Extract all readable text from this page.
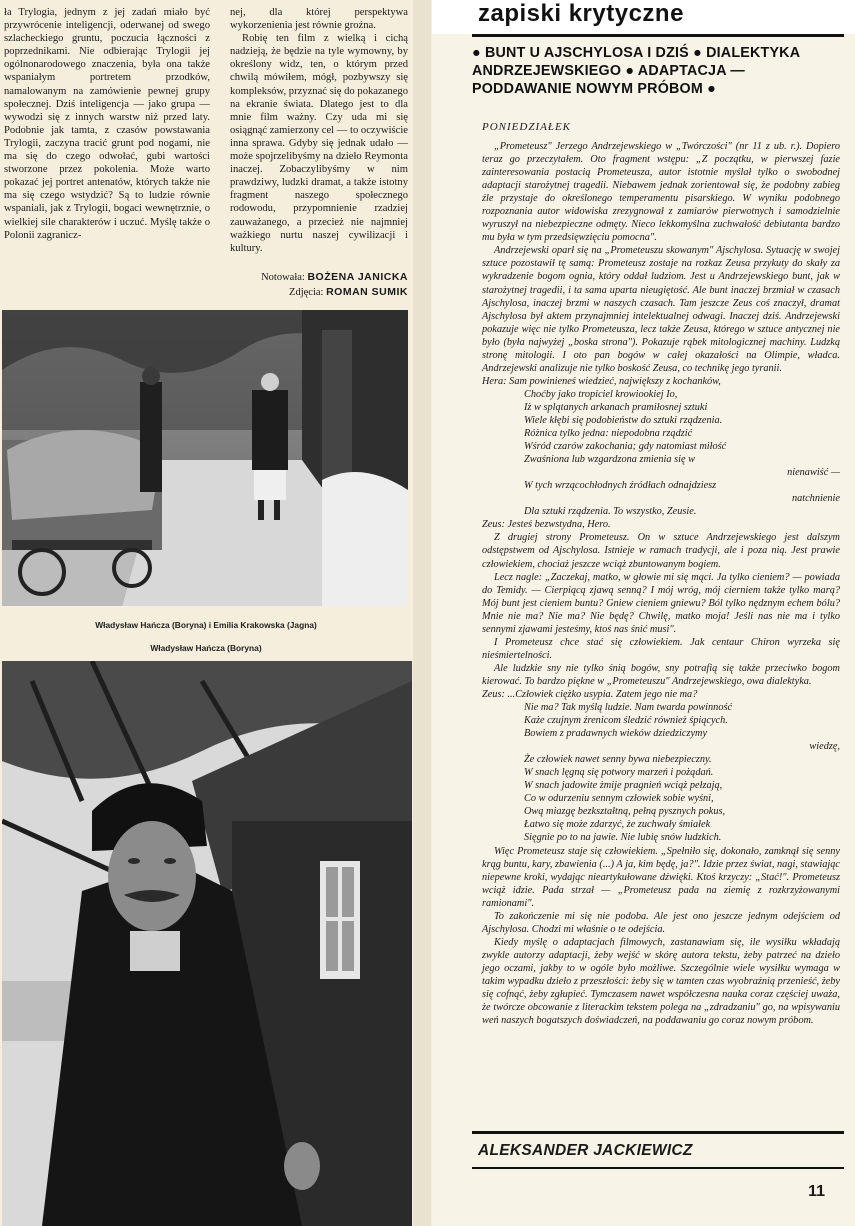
ła Trylogia, jednym z jej zadań miało być przywrócenie inteligencji, oderwanej od swego szlacheckiego gruntu, poczucia łączności z poprzednikami. Nie odbierając Trylogii jej ogólnonarodowego znaczenia, była ona także wspaniałym portretem przodków, namalowanym na zamówienie pewnej grupy społecznej. Dziś inteligencja — jako grupa — wywodzi się z innych warstw niż przed laty. Podobnie jak tamta, z czasów powstawania Trylogii, zaczyna tracić grunt pod nogami, nie ma się do czego odwołać, gubi wartości stworzone przez pokolenia. Może warto pokazać jej portret antenatów, których także nie ma się czego wstydzić? Są to ludzie równie wspaniali, jak z Trylogii, bogaci wewnętrznie, o wielkiej sile charakterów i uczuć. Myślę także o Polonii zagranicz-

nej, dla której perspektywa wykorzenienia jest równie groźna.

Robię ten film z wielką i cichą nadzieją, że będzie na tyle wymowny, by określony widz, ten, o którym przed chwilą mówiłem, mógł, pozbywszy się kompleksów, przyznać się do pokazanego na ekranie świata. Dlatego jest to dla mnie film ważny. Czy uda mi się osiągnąć zamierzony cel — to oczywiście inna sprawa. Gdyby się jednak udało — może spojrzelibyśmy na dzieło Reymonta inaczej. Zobaczylibyśmy w nim prawdziwy, ludzki dramat, a także istotny fragment naszego społecznego rodowodu, przypomnienie rzadziej zauważanego, a przecież nie najmniej ważkiego nurtu naszej cywilizacji i kultury.

Notowała: BOŻENA JANICKA
Zdjęcia: ROMAN SUMIK
Władysław Hańcza (Boryna) i Emilia Krakowska (Jagna)
Władysław Hańcza (Boryna)
zapiski krytyczne
● BUNT U AJSCHYLOSA I DZIŚ ● DIALEKTYKA ANDRZEJEWSKIEGO ● ADAPTACJA — PODDAWANIE NOWYM PRÓBOM ●
PONIEDZIAŁEK

„Prometeusz" Jerzego Andrzejewskiego w „Twórczości" (nr 11 z ub. r.). Dopiero teraz go przeczytałem. Oto fragment wstępu: „Z początku, w pierwszej fazie zainteresowania postacią Prometeusza, autor istotnie myślał tylko o swobodnej adaptacji starożytnej tragedii. Niebawem jednak zorientował się, że podobny zabieg źle przystaje do określonego temperamentu pisarskiego. W wyniku podobnego rozpoznania autor widowiska zrezygnował z zamiarów pierwotnych i samodzielnie wyruszył na niebezpieczne odmęty. Nieco lekkomyślna zuchwałość debiutanta bardzo mu była w tym przedsięwzięciu pomocna".

Andrzejewski oparł się na „Prometeuszu skowanym" Ajschylosa. Sytuację w swojej sztuce pozostawił tę samą: Prometeusz zostaje na rozkaz Zeusa przykuty do skały za wykradzenie bogom ognia, który oddał ludziom. Jest u Andrzejewskiego bunt, jak w starożytnej tragedii, i ta sama uparta nieugiętość. Ale bunt inaczej brzmiał w czasach Ajschylosa, inaczej brzmi w naszych czasach. Tam jeszcze Zeus coś znaczył, dramat Ajschylosa był aktem przynajmniej intelektualnej odwagi. Inaczej dziś. Andrzejewski pokazuje więc nie tylko Prometeusza, lecz także Zeusa, którego w sztuce antycznej nie było (była najwyżej „boska strona"). Pokazuje rąbek mitologicznej machiny. Ludzką stronę mitologii. I oto pan bogów w całej okazałości na Olimpie, władca. Andrzejewski analizuje nie tylko boskość Zeusa, co technikę jego tyranii.

Hera: Sam powinieneś wiedzieć, największy z kochanków,

Choćby jako tropiciel krowiookiej Io,

Iż w splątanych arkanach pramiłosnej sztuki

Wiele kłębi się podobieństw do sztuki rządzenia.

Różnica tylko jedna: niepodobna rządzić

Wśród czarów zakochania; gdy natomiast miłość

Zwaśniona lub wzgardzona zmienia się w

nienawiść —

W tych wrzącochłodnych źródłach odnajdziesz

natchnienie

Dla sztuki rządzenia. To wszystko, Zeusie.

Zeus: Jesteś bezwstydna, Hero.

Z drugiej strony Prometeusz. On w sztuce Andrzejewskiego jest dalszym odstępstwem od Ajschylosa. Istnieje w ramach tradycji, ale i poza nią. Jest prawie człowiekiem, chociaż jeszcze wciąż zbuntowanym bogiem.

Lecz nagle: „Zaczekaj, matko, w głowie mi się mąci. Ja tylko cieniem? — powiada do Temidy. — Cierpiącą zjawą senną? I mój wróg, mój cierniem także tylko marą? Mój bunt jest cieniem buntu? Gniew cieniem gniewu? Ból tylko nędznym echem bólu? Mnie nie ma? Nie ma? Nie będę? Chwilę, matko moja! Jeśli nas nie ma i tylko sennymi zjawami jesteśmy, ktoś nas śnić musi".

I Prometeusz chce stać się człowiekiem. Jak centaur Chiron wyrzeka się nieśmiertelności.

Ale ludzkie sny nie tylko śnią bogów, sny potrafią się także przeciwko bogom kierować. To bardzo piękne w „Prometeuszu" Andrzejewskiego, owa dialektyka.

Zeus: ...Człowiek ciężko usypia. Zatem jego nie ma?

Nie ma? Tak myślą ludzie. Nam twarda powinność

Każe czujnym źrenicom śledzić również śpiących.

Bowiem z pradawnych wieków dziedziczymy

wiedzę,

Że człowiek nawet senny bywa niebezpieczny.

W snach lęgną się potwory marzeń i pożądań.

W snach jadowite żmije pragnień wciąż pełzają,

Co w odurzeniu sennym człowiek sobie wyśni,

Ową miazgę bezkształtną, pełną pysznych pokus,

Łatwo się może zdarzyć, że zuchwały śmiałek

Sięgnie po to na jawie. Nie lubię snów ludzkich.

Więc Prometeusz staje się człowiekiem. „Spełniło się, dokonało, zamknął się senny krąg buntu, kary, zbawienia (...) A ja, kim będę, ja?". Idzie przez świat, nagi, stawiając niepewne kroki, wydając nieartykułowane dźwięki. Ktoś krzyczy: „Stać!". Prometeusz wciąż idzie. Pada strzał — „Prometeusz pada na ziemię z rozkrzyżowanymi ramionami".

To zakończenie mi się nie podoba. Ale jest ono jeszcze jednym odejściem od Ajschylosa. Chodzi mi właśnie o te odejścia.

Kiedy myślę o adaptacjach filmowych, zastanawiam się, ile wysiłku wkładają zwykle autorzy adaptacji, żeby wejść w skórę autora tekstu, żeby patrzeć na dzieło jego oczami, jakby to w ogóle było możliwe. Szczególnie wiele wysiłku wymaga w takim wypadku dzieło z przeszłości: żeby się w tamten czas wyobraźnią przenieść, żeby się cofnąć, żeby zgłupieć. Tymczasem nawet współczesna nauka coraz częściej uważa, że twórcze obcowanie z literackim tekstem polega na „zdradzaniu" go, na wpisywaniu weń naszych bogatszych doświadczeń, na poddawaniu go coraz nowym próbom.

ALEKSANDER JACKIEWICZ
11
